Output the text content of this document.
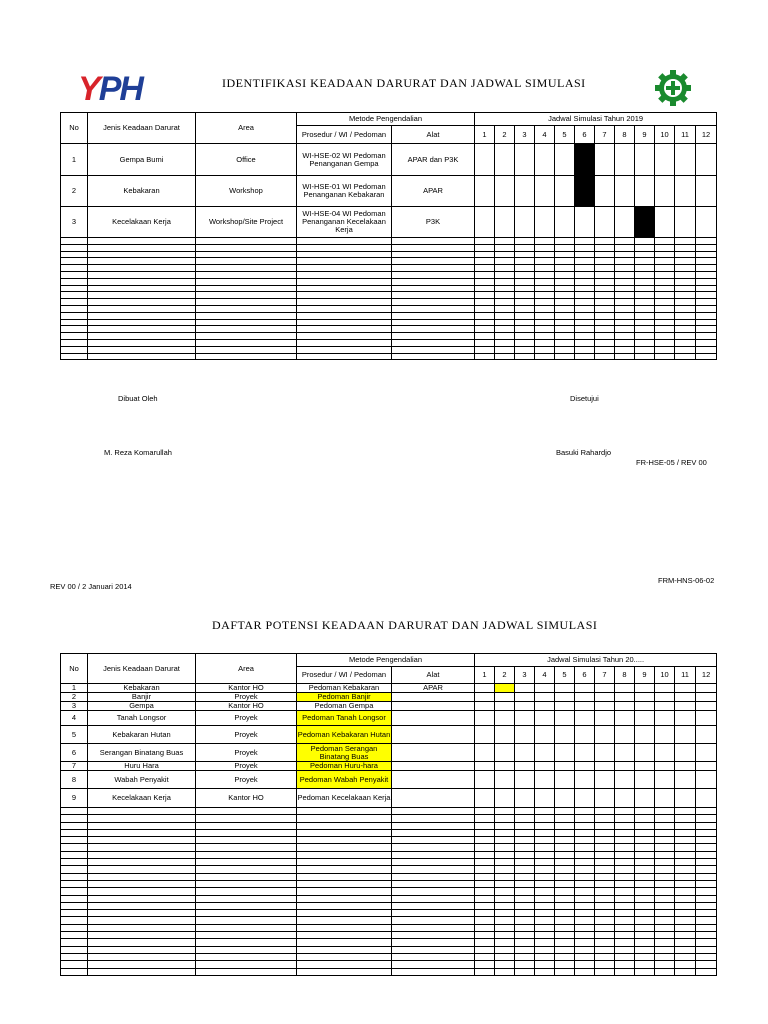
YPH	IDENTIFIKASI KEADAAN DARURAT DAN JADWAL SIMULASI
No	Jenis Keadaan Darurat	Area	Metode Pengendalian		Jadwal Simulasi Tahun 2019											
			Prosedur / WI / Pedoman	Alat	1	2	3	4	5	6	7	8	9	10	11	12
1	Gempa Bumi	Office	WI-HSE-02 WI Pedoman Penanganan Gempa	APAR dan P3K												
2	Kebakaran	Workshop	WI-HSE-01 WI Pedoman Penanganan Kebakaran	APAR												
3	Kecelakaan Kerja	Workshop/Site Project	WI-HSE-04 WI Pedoman Penanganan Kecelakaan Kerja	P3K												

Dibuat Oleh	Disetujui
M. Reza Komarullah	Basuki Rahardjo
FR-HSE-05 / REV 00
REV 00 / 2 Januari 2014
FRM-HNS-06-02
DAFTAR POTENSI KEADAAN DARURAT DAN JADWAL SIMULASI
No	Jenis Keadaan Darurat	Area	Metode Pengendalian		Jadwal Simulasi Tahun 20.....											
			Prosedur / WI / Pedoman	Alat	1	2	3	4	5	6	7	8	9	10	11	12
1	Kebakaran	Kantor HO	Pedoman Kebakaran	APAR												
2	Banjir	Proyek	Pedoman Banjir													
3	Gempa	Kantor HO	Pedoman Gempa													
4	Tanah Longsor	Proyek	Pedoman Tanah Longsor													
5	Kebakaran Hutan	Proyek	Pedoman Kebakaran Hutan													
6	Serangan Binatang Buas	Proyek	Pedoman Serangan Binatang Buas													
7	Huru Hara	Proyek	Pedoman Huru-hara													
8	Wabah Penyakit	Proyek	Pedoman Wabah Penyakit													
9	Kecelakaan Kerja	Kantor HO	Pedoman Kecelakaan Kerja													
